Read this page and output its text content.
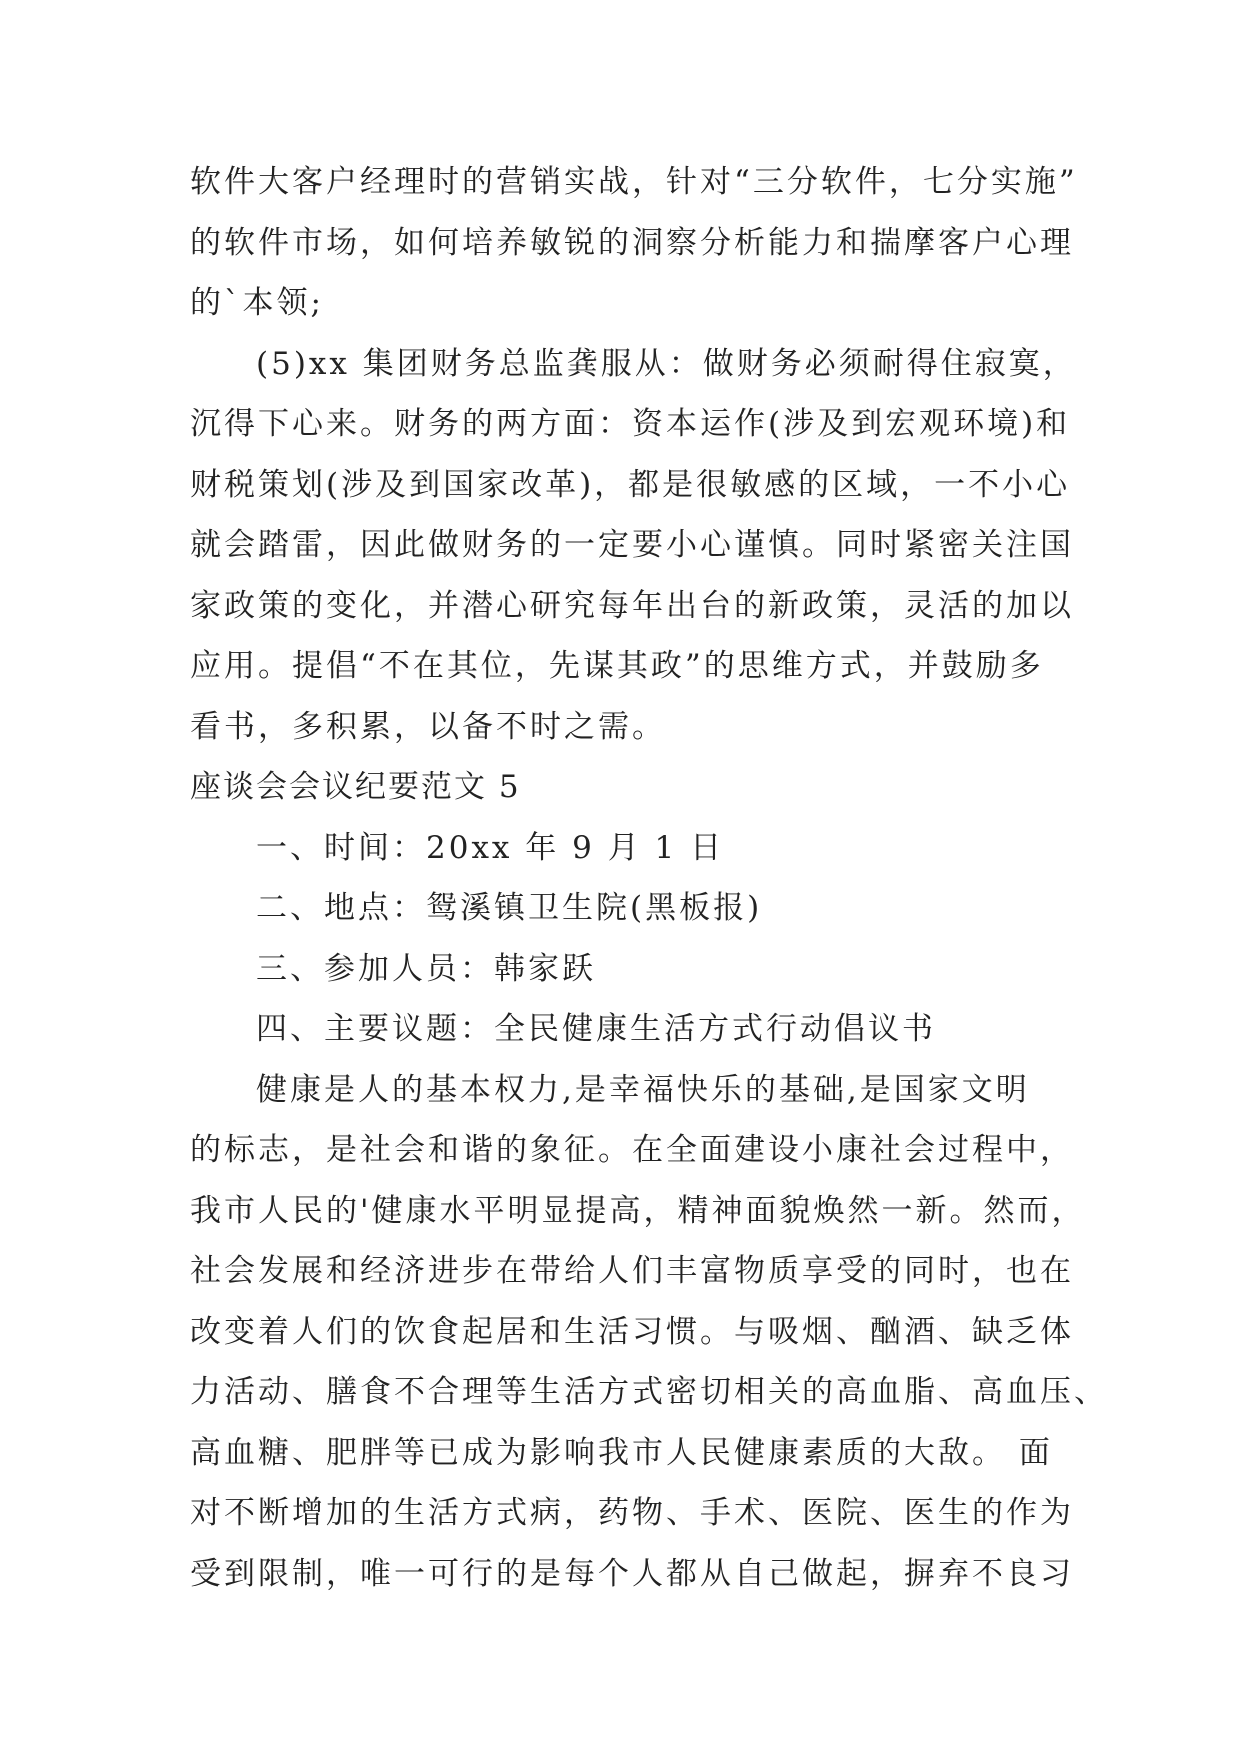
软件大客户经理时的营销实战，针对“三分软件，七分实施”
的软件市场，如何培养敏锐的洞察分析能力和揣摩客户心理
的`本领;
(5)xx 集团财务总监龚服从：做财务必须耐得住寂寞，
沉得下心来。财务的两方面：资本运作(涉及到宏观环境)和
财税策划(涉及到国家改革)，都是很敏感的区域，一不小心
就会踏雷，因此做财务的一定要小心谨慎。同时紧密关注国
家政策的变化，并潜心研究每年出台的新政策，灵活的加以
应用。提倡“不在其位，先谋其政”的思维方式，并鼓励多
看书，多积累，以备不时之需。
座谈会会议纪要范文 5
一、时间：20xx 年 9 月 1 日
二、地点：鸳溪镇卫生院(黑板报)
三、参加人员：韩家跃
四、主要议题：全民健康生活方式行动倡议书
健康是人的基本权力,是幸福快乐的基础,是国家文明
的标志，是社会和谐的象征。在全面建设小康社会过程中，
我市人民的'健康水平明显提高，精神面貌焕然一新。然而，
社会发展和经济进步在带给人们丰富物质享受的同时，也在
改变着人们的饮食起居和生活习惯。与吸烟、酗酒、缺乏体
力活动、膳食不合理等生活方式密切相关的高血脂、高血压、
高血糖、肥胖等已成为影响我市人民健康素质的大敌。 面
对不断增加的生活方式病，药物、手术、医院、医生的作为
受到限制，唯一可行的是每个人都从自己做起，摒弃不良习
